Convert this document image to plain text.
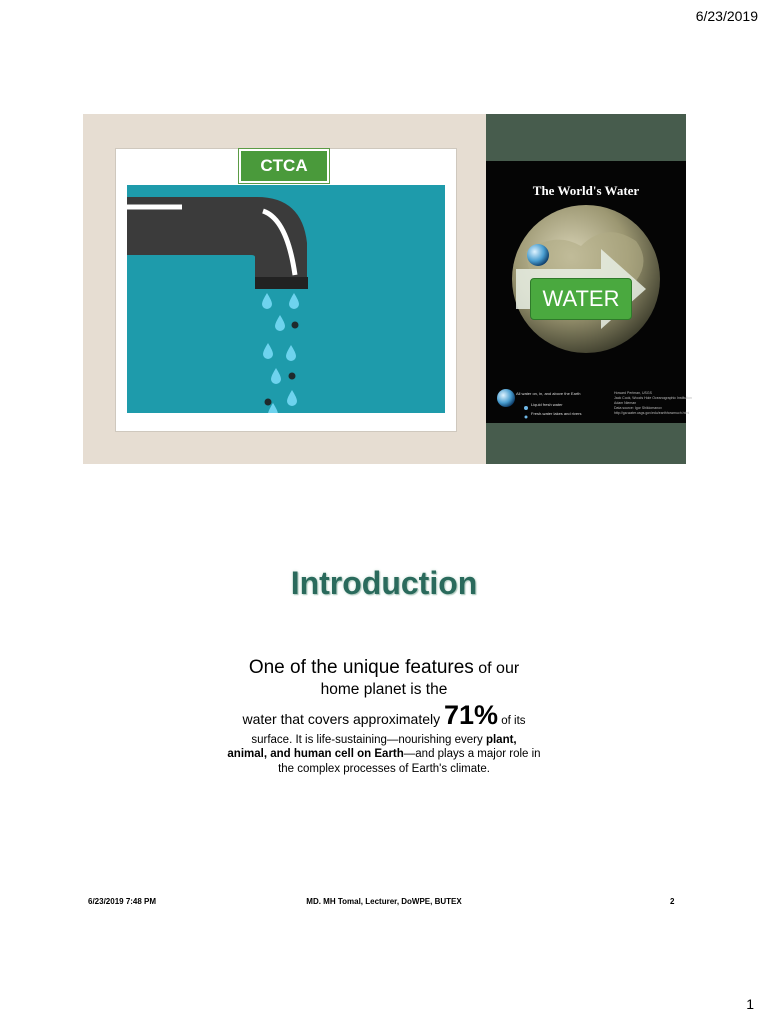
6/23/2019
CTCA
The World's Water
WATER
All water on, in, and above the Earth
Liquid fresh water
Fresh-water lakes and rivers
Howard Perlman, USGS
Jack Cook, Woods Hole Oceanographic Institution
Adam Nieman
Data source: Igor Shiklomanov
http://ga.water.usgs.gov/edu/earthhowmuch.html
Introduction
One of the unique features of our
home planet is the
water that covers approximately 71% of its
surface. It is life-sustaining—nourishing every plant,
animal, and human cell on Earth—and plays a major role in
the complex processes of Earth's climate.
6/23/2019 7:48 PM	MD. MH Tomal, Lecturer, DoWPE, BUTEX	2
1
